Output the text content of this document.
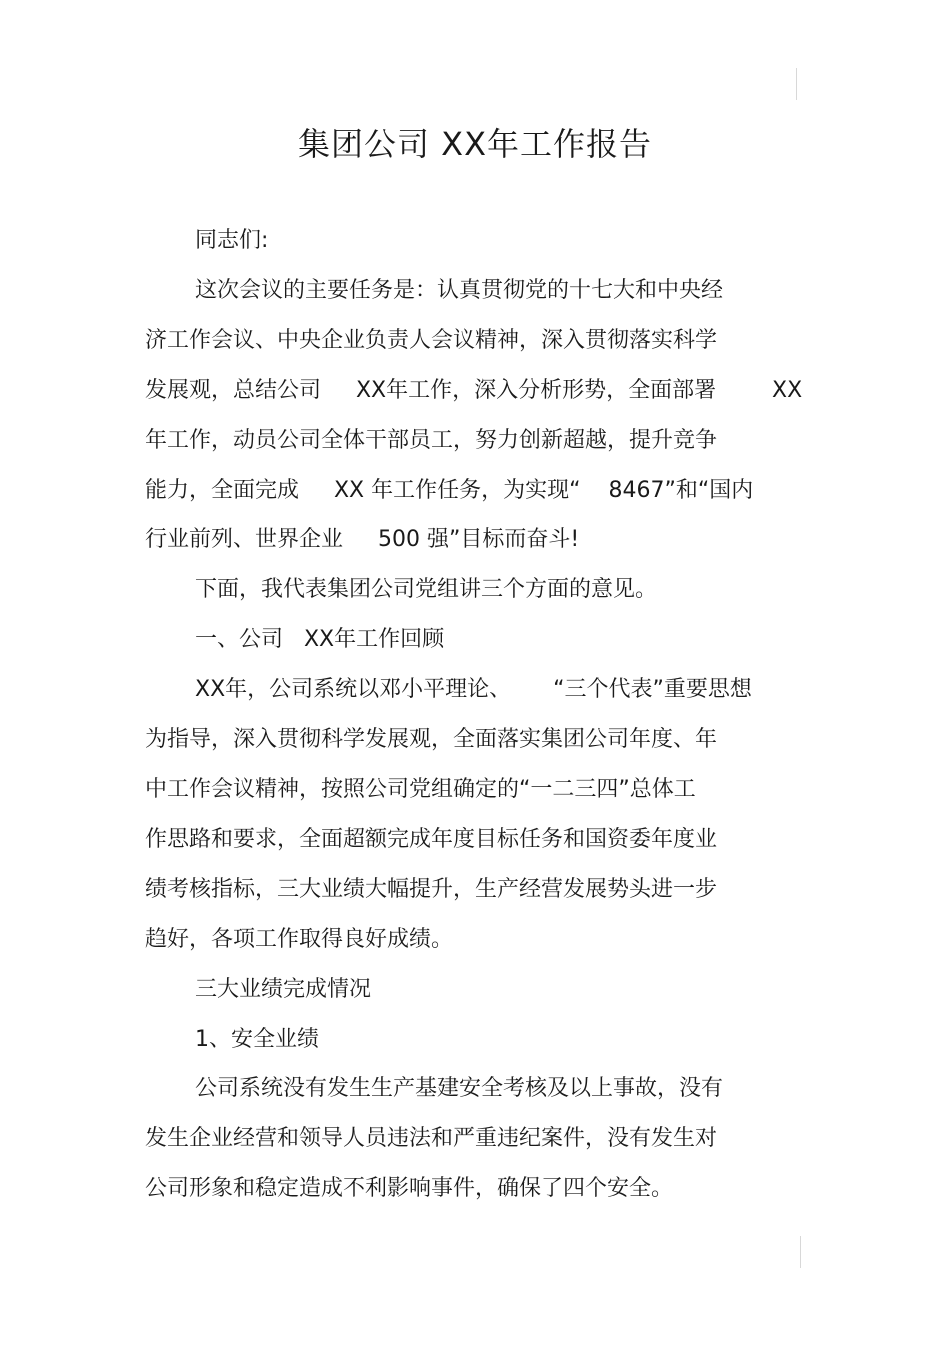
集团公司 XX年工作报告
同志们:
这次会议的主要任务是：认真贯彻党的十七大和中央经
济工作会议、中央企业负责人会议精神，深入贯彻落实科学
发展观，总结公司     XX年工作，深入分析形势，全面部署        XX
年工作，动员公司全体干部员工，努力创新超越，提升竞争
能力，全面完成     XX 年工作任务，为实现“    8467”和“国内
行业前列、世界企业     500 强”目标而奋斗!
下面，我代表集团公司党组讲三个方面的意见。
一、公司   XX年工作回顾
XX年，公司系统以邓小平理论、      “三个代表”重要思想
为指导，深入贯彻科学发展观，全面落实集团公司年度、年
中工作会议精神，按照公司党组确定的“一二三四”总体工
作思路和要求，全面超额完成年度目标任务和国资委年度业
绩考核指标，三大业绩大幅提升，生产经营发展势头进一步
趋好，各项工作取得良好成绩。
三大业绩完成情况
1、安全业绩
公司系统没有发生生产基建安全考核及以上事故，没有
发生企业经营和领导人员违法和严重违纪案件，没有发生对
公司形象和稳定造成不利影响事件，确保了四个安全。
